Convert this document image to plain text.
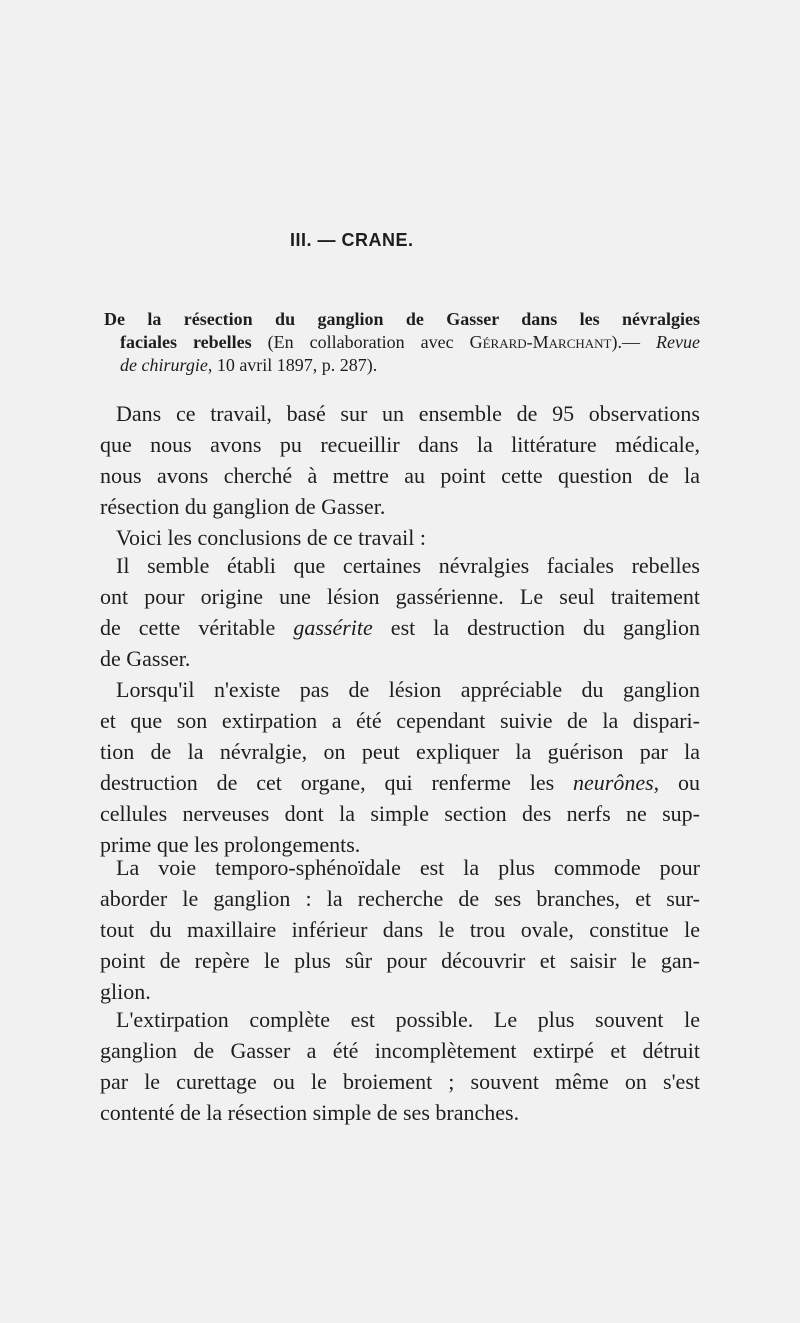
III. — CRANE.
De la résection du ganglion de Gasser dans les névralgies
faciales rebelles (En collaboration avec Gérard-Marchant).— Revue
de chirurgie, 10 avril 1897, p. 287).
Dans ce travail, basé sur un ensemble de 95 observations
que nous avons pu recueillir dans la littérature médicale,
nous avons cherché à mettre au point cette question de la
résection du ganglion de Gasser.
Voici les conclusions de ce travail :
Il semble établi que certaines névralgies faciales rebelles
ont pour origine une lésion gassérienne. Le seul traitement
de cette véritable gassérite est la destruction du ganglion
de Gasser.
Lorsqu'il n'existe pas de lésion appréciable du ganglion
et que son extirpation a été cependant suivie de la dispari-
tion de la névralgie, on peut expliquer la guérison par la
destruction de cet organe, qui renferme les neurônes, ou
cellules nerveuses dont la simple section des nerfs ne sup-
prime que les prolongements.
La voie temporo-sphénoïdale est la plus commode pour
aborder le ganglion : la recherche de ses branches, et sur-
tout du maxillaire inférieur dans le trou ovale, constitue le
point de repère le plus sûr pour découvrir et saisir le gan-
glion.
L'extirpation complète est possible. Le plus souvent le
ganglion de Gasser a été incomplètement extirpé et détruit
par le curettage ou le broiement ; souvent même on s'est
contenté de la résection simple de ses branches.
